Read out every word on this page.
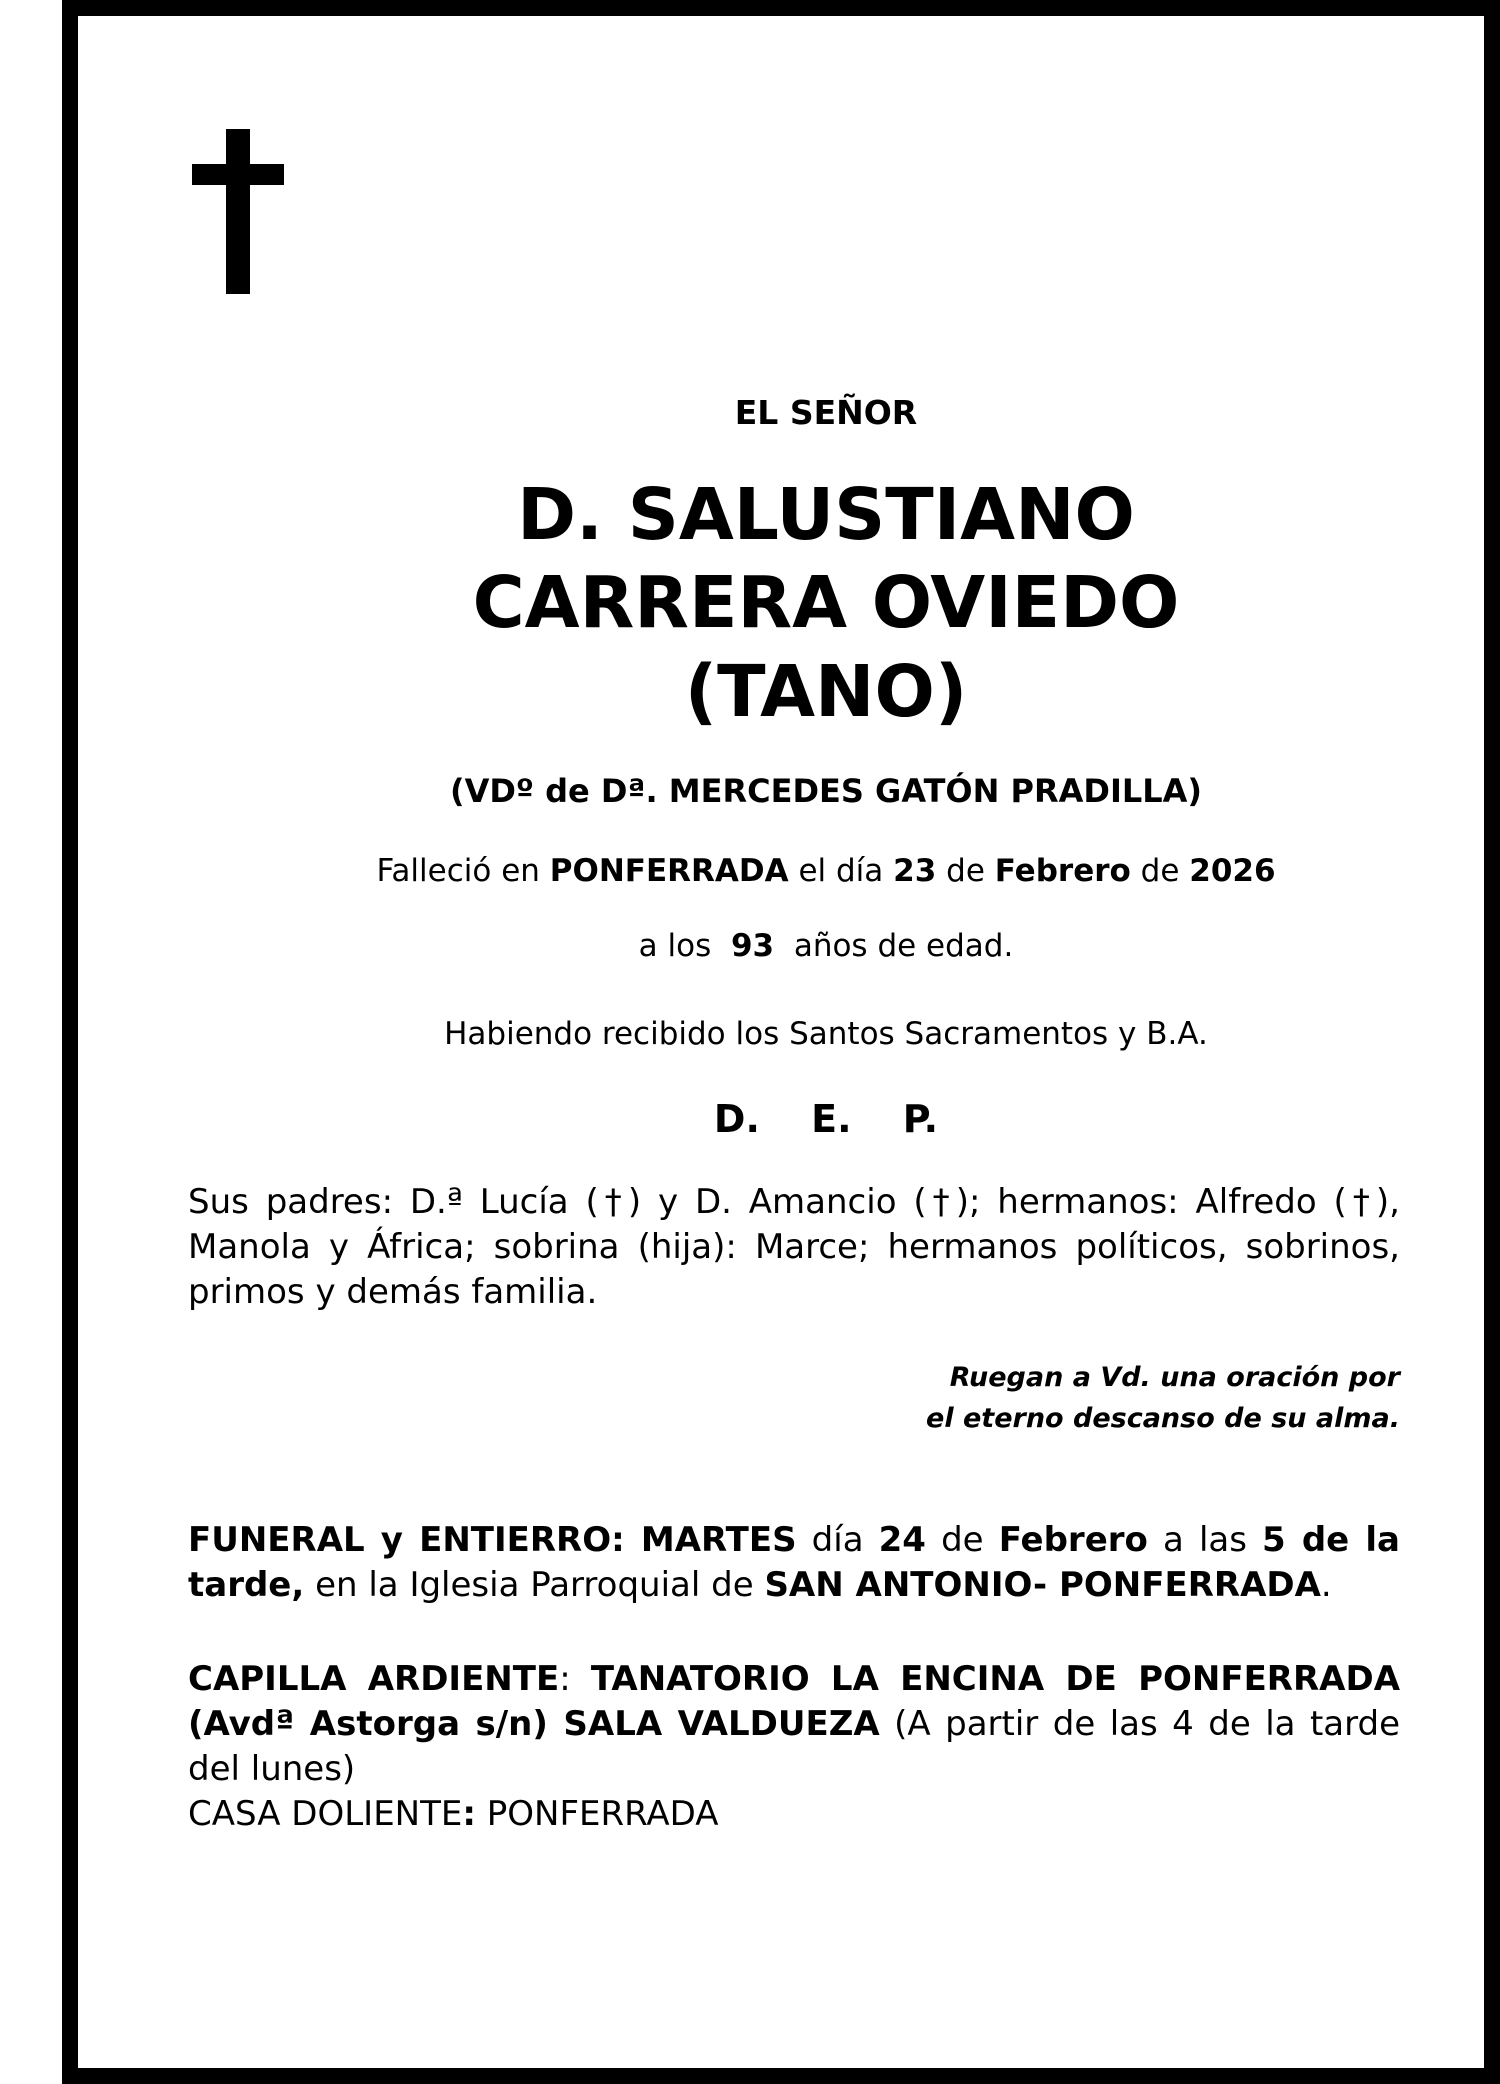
EL SEÑOR
D. SALUSTIANO
CARRERA OVIEDO
(TANO)
(VDº de Dª. MERCEDES GATÓN PRADILLA)
Falleció en PONFERRADA el día 23 de Febrero de 2026
a los  93  años de edad.
Habiendo recibido los Santos Sacramentos y B.A.
D. E. P.
Sus padres: D.ª Lucía (†) y D. Amancio (†); hermanos: Alfredo (†), Manola y África; sobrina (hija): Marce; hermanos políticos, sobrinos, primos y demás familia.
Ruegan a Vd. una oración por
el eterno descanso de su alma.
FUNERAL y ENTIERRO: MARTES día 24 de Febrero a las 5 de la tarde, en la Iglesia Parroquial de SAN ANTONIO- PONFERRADA.
CAPILLA ARDIENTE: TANATORIO LA ENCINA DE PONFERRADA (Avdª Astorga s/n) SALA VALDUEZA (A partir de las 4 de la tarde del lunes)
CASA DOLIENTE: PONFERRADA
